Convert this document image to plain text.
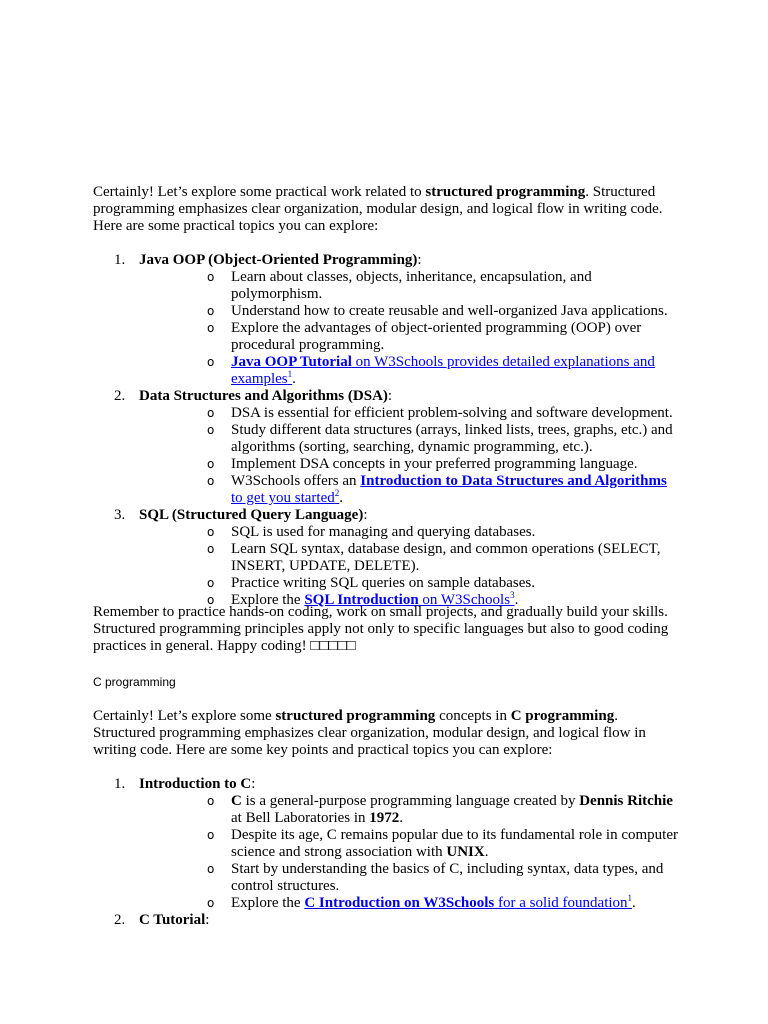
Certainly! Let’s explore some practical work related to structured programming. Structured programming emphasizes clear organization, modular design, and logical flow in writing code. Here are some practical topics you can explore:

1. Java OOP (Object-Oriented Programming):
o Learn about classes, objects, inheritance, encapsulation, and polymorphism.
o Understand how to create reusable and well-organized Java applications.
o Explore the advantages of object-oriented programming (OOP) over procedural programming.
o Java OOP Tutorial on W3Schools provides detailed explanations and examples$^1$.
2. Data Structures and Algorithms (DSA):
o DSA is essential for efficient problem-solving and software development.
o Study different data structures (arrays, linked lists, trees, graphs, etc.) and algorithms (sorting, searching, dynamic programming, etc.).
o Implement DSA concepts in your preferred programming language.
o W3Schools offers an Introduction to Data Structures and Algorithms to get you started$^2$.
3. SQL (Structured Query Language):
o SQL is used for managing and querying databases.
o Learn SQL syntax, database design, and common operations (SELECT, INSERT, UPDATE, DELETE).
o Practice writing SQL queries on sample databases.
o Explore the SQL Introduction on W3Schools$^3$.

Remember to practice hands-on coding, work on small projects, and gradually build your skills. Structured programming principles apply not only to specific languages but also to good coding practices in general. Happy coding! □□□□□

C programming

Certainly! Let’s explore some structured programming concepts in C programming. Structured programming emphasizes clear organization, modular design, and logical flow in writing code. Here are some key points and practical topics you can explore:

1. Introduction to C:
o C is a general-purpose programming language created by Dennis Ritchie at Bell Laboratories in 1972.
o Despite its age, C remains popular due to its fundamental role in computer science and strong association with UNIX.
o Start by understanding the basics of C, including syntax, data types, and control structures.
o Explore the C Introduction on W3Schools for a solid foundation$^1$.
2. C Tutorial:
